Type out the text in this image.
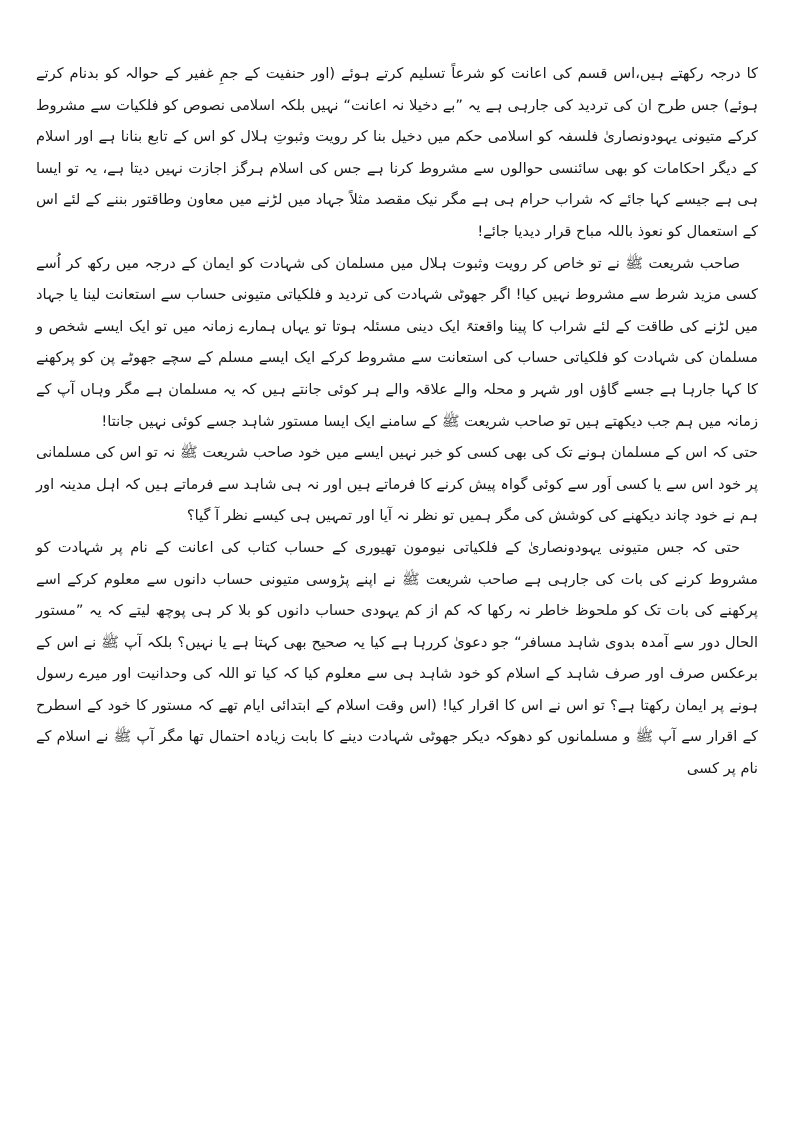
کا درجہ رکھتے ہیں،اس قسم کی اعانت کو شرعاً تسلیم کرتے ہوئے (اور حنفیت کے جمِ غفیر کے حوالہ کو بدنام کرتے ہوئے) جس طرح ان کی تردید کی جارہی ہے یہ ”بے دخیلا نہ اعانت“ نہیں بلکہ اسلامی نصوص کو فلکیات سے مشروط کرکے متیونی یہودونصاریٰ فلسفہ کو اسلامی حکم میں دخیل بنا کر رویت وثبوتِ ہلال کو اس کے تابع بنانا ہے اور اسلام کے دیگر احکامات کو بھی سائنسی حوالوں سے مشروط کرنا ہے جس کی اسلام ہرگز اجازت نہیں دیتا ہے، یہ تو ایسا ہی ہے جیسے کہا جائے کہ شراب حرام ہی ہے مگر نیک مقصد مثلاً جہاد میں لڑنے میں معاون وطاقتور بننے کے لئے اس کے استعمال کو نعوذ باللہ مباح قرار دیدیا جائے!

صاحب شریعت ﷺ نے تو خاص کر رویت وثبوت ہلال میں مسلمان کی شہادت کو ایمان کے درجہ میں رکھ کر اُسے کسی مزید شرط سے مشروط نہیں کیا! اگر جھوٹی شہادت کی تردید و فلکیاتی متیونی حساب سے استعانت لینا یا جہاد میں لڑنے کی طاقت کے لئے شراب کا پینا واقعتہً ایک دینی مسئلہ ہوتا تو یہاں ہمارے زمانہ میں تو ایک ایسے شخص و مسلمان کی شہادت کو فلکیاتی حساب کی استعانت سے مشروط کرکے ایک ایسے مسلم کے سچے جھوٹے پن کو پرکھنے کا کہا جارہا ہے جسے گاؤں اور شہر و محلہ والے علاقہ والے ہر کوئی جانتے ہیں کہ یہ مسلمان ہے مگر وہاں آپ کے زمانہ میں ہم جب دیکھتے ہیں تو صاحب شریعت ﷺ کے سامنے ایک ایسا مستور شاہد جسے کوئی نہیں جانتا!

حتی کہ اس کے مسلمان ہونے تک کی بھی کسی کو خبر نہیں ایسے میں خود صاحب شریعت ﷺ نہ تو اس کی مسلمانی پر خود اس سے یا کسی اَور سے کوئی گواہ پیش کرنے کا فرماتے ہیں اور نہ ہی شاہد سے فرماتے ہیں کہ اہل مدینہ اور ہم نے خود چاند دیکھنے کی کوشش کی مگر ہمیں تو نظر نہ آیا اور تمہیں ہی کیسے نظر آ گیا؟

حتی کہ جس متیونی یہودونصاریٰ کے فلکیاتی نیومون تھیوری کے حساب کتاب کی اعانت کے نام پر شہادت کو مشروط کرنے کی بات کی جارہی ہے صاحب شریعت ﷺ نے اپنے پڑوسی متیونی حساب دانوں سے معلوم کرکے اسے پرکھنے کی بات تک کو ملحوظ خاطر نہ رکھا کہ کم از کم یہودی حساب دانوں کو بلا کر ہی پوچھ لیتے کہ یہ ”مستور الحال دور سے آمدہ بدوی شاہد مسافر“ جو دعویٰ کررہا ہے کیا یہ صحیح بھی کہتا ہے یا نہیں؟ بلکہ آپ ﷺ نے اس کے برعکس صرف اور صرف شاہد کے اسلام کو خود شاہد ہی سے معلوم کیا کہ کیا تو اللہ کی وحدانیت اور میرے رسول ہونے پر ایمان رکھتا ہے؟ تو اس نے اس کا اقرار کیا! (اس وقت اسلام کے ابتدائی ایام تھے کہ مستور کا خود کے اسطرح کے اقرار سے آپ ﷺ و مسلمانوں کو دھوکہ دیکر جھوٹی شہادت دینے کا بابت زیادہ احتمال تھا مگر آپ ﷺ نے اسلام کے نام پر کسی
